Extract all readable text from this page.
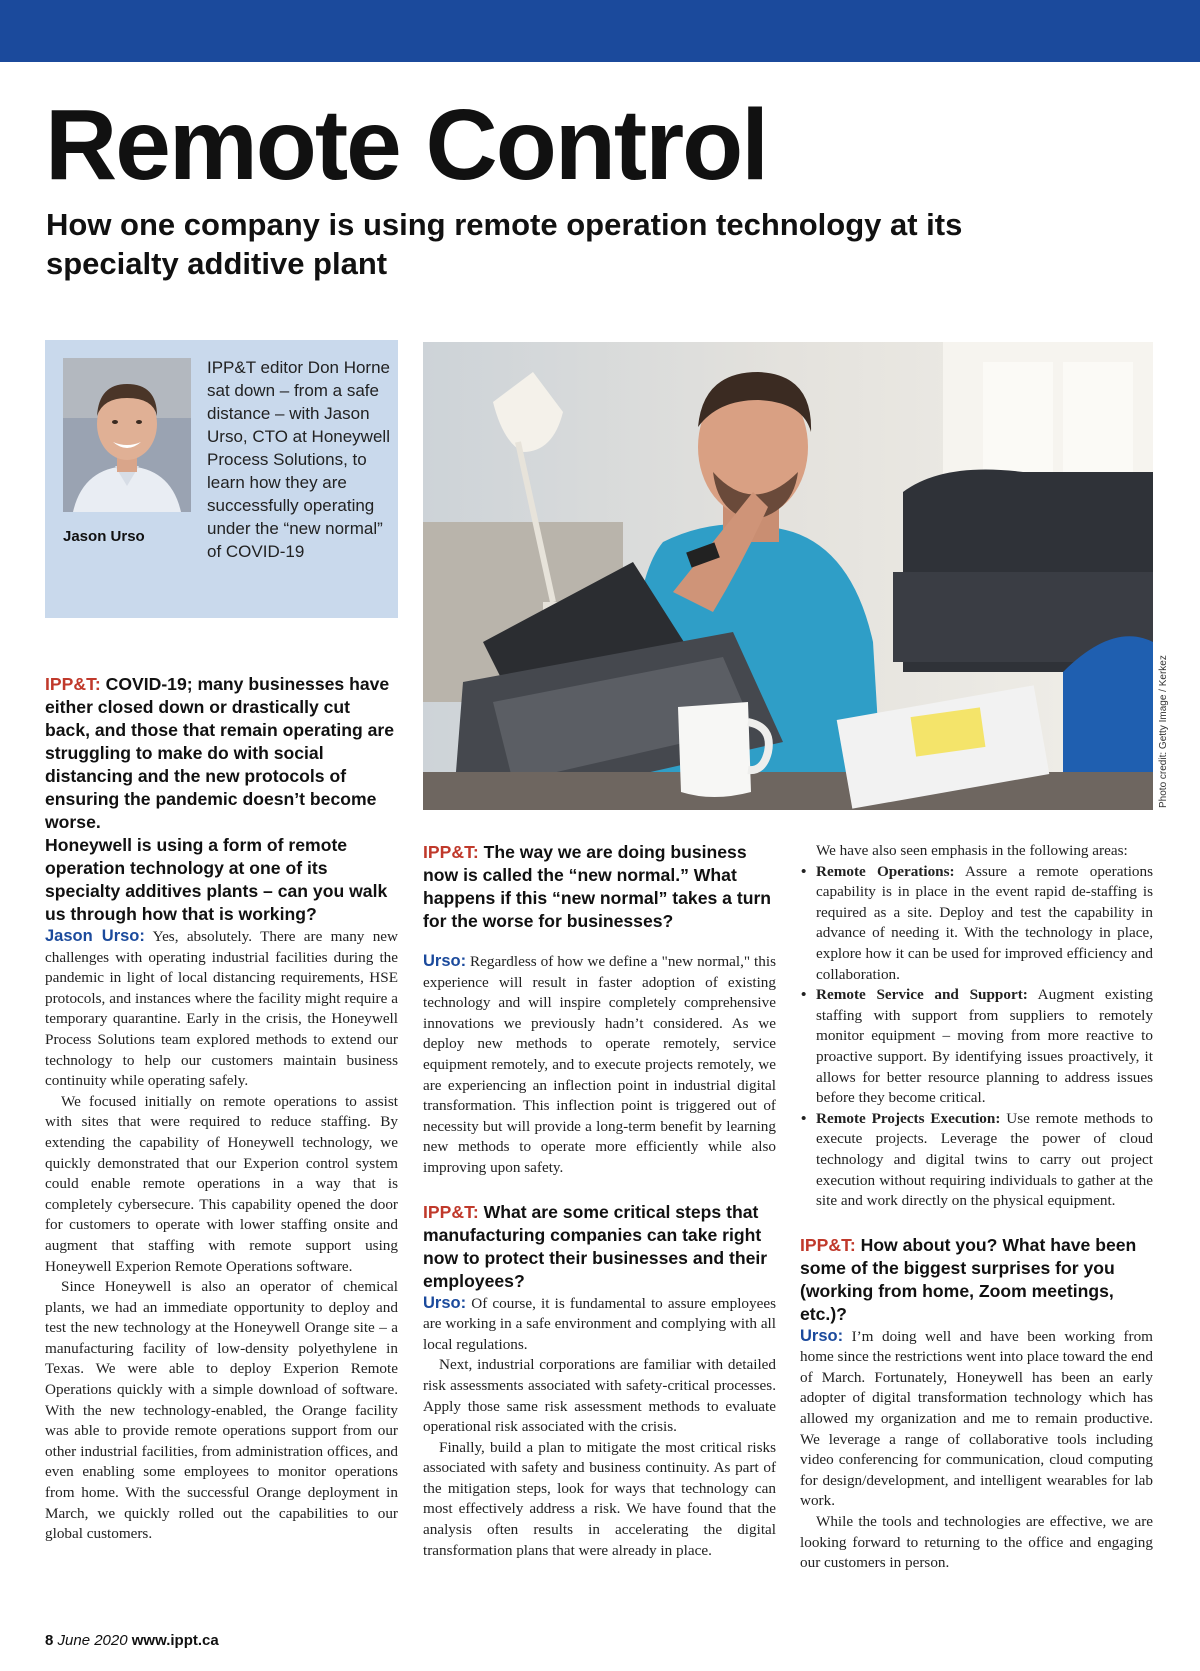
Remote Control
How one company is using remote operation technology at its specialty additive plant
Jason Urso
IPP&T editor Don Horne sat down – from a safe distance – with Jason Urso, CTO at Honeywell Process Solutions, to learn how they are successfully operating under the “new normal” of COVID-19
Photo credit: Getty Image / Kerkez

IPP&T: COVID-19; many businesses have either closed down or drastically cut back, and those that remain operating are struggling to make do with social distancing and the new protocols of ensuring the pandemic doesn’t become worse.

Honeywell is using a form of remote operation technology at one of its specialty additives plants – can you walk us through how that is working?

Jason Urso: Yes, absolutely. There are many new challenges with operating industrial facilities during the pandemic in light of local distancing requirements, HSE protocols, and instances where the facility might require a temporary quarantine. Early in the crisis, the Honeywell Process Solutions team explored methods to extend our technology to help our customers maintain business continuity while operating safely.

We focused initially on remote operations to assist with sites that were required to reduce staffing. By extending the capability of Honeywell technology, we quickly demonstrated that our Experion control system could enable remote operations in a way that is completely cybersecure. This capability opened the door for customers to operate with lower staffing onsite and augment that staffing with remote support using Honeywell Experion Remote Operations software.

Since Honeywell is also an operator of chemical plants, we had an immediate opportunity to deploy and test the new technology at the Honeywell Orange site – a manufacturing facility of low-density polyethylene in Texas. We were able to deploy Experion Remote Operations quickly with a simple download of software. With the new technology-enabled, the Orange facility was able to provide remote operations support from our other industrial facilities, from administration offices, and even enabling some employees to monitor operations from home. With the successful Orange deployment in March, we quickly rolled out the capabilities to our global customers.

IPP&T: The way we are doing business now is called the “new normal.” What happens if this “new normal” takes a turn for the worse for businesses?

Urso: Regardless of how we define a "new normal," this experience will result in faster adoption of existing technology and will inspire completely comprehensive innovations we previously hadn’t considered. As we deploy new methods to operate remotely, service equipment remotely, and to execute projects remotely, we are experiencing an inflection point in industrial digital transformation. This inflection point is triggered out of necessity but will provide a long-term benefit by learning new methods to operate more efficiently while also improving upon safety.

IPP&T: What are some critical steps that manufacturing companies can take right now to protect their businesses and their employees?

Urso: Of course, it is fundamental to assure employees are working in a safe environment and complying with all local regulations.

Next, industrial corporations are familiar with detailed risk assessments associated with safety-critical processes. Apply those same risk assessment methods to evaluate operational risk associated with the crisis.

Finally, build a plan to mitigate the most critical risks associated with safety and business continuity. As part of the mitigation steps, look for ways that technology can most effectively address a risk. We have found that the analysis often results in accelerating the digital transformation plans that were already in place.

We have also seen emphasis in the following areas:

• Remote Operations: Assure a remote operations capability is in place in the event rapid de-staffing is required as a site. Deploy and test the capability in advance of needing it. With the technology in place, explore how it can be used for improved efficiency and collaboration.
• Remote Service and Support: Augment existing staffing with support from suppliers to remotely monitor equipment – moving from more reactive to proactive support. By identifying issues proactively, it allows for better resource planning to address issues before they become critical.
• Remote Projects Execution: Use remote methods to execute projects. Leverage the power of cloud technology and digital twins to carry out project execution without requiring individuals to gather at the site and work directly on the physical equipment.

IPP&T: How about you? What have been some of the biggest surprises for you (working from home, Zoom meetings, etc.)?

Urso: I’m doing well and have been working from home since the restrictions went into place toward the end of March. Fortunately, Honeywell has been an early adopter of digital transformation technology which has allowed my organization and me to remain productive. We leverage a range of collaborative tools including video conferencing for communication, cloud computing for design/development, and intelligent wearables for lab work.

While the tools and technologies are effective, we are looking forward to returning to the office and engaging our customers in person.

8 June 2020 www.ippt.ca
